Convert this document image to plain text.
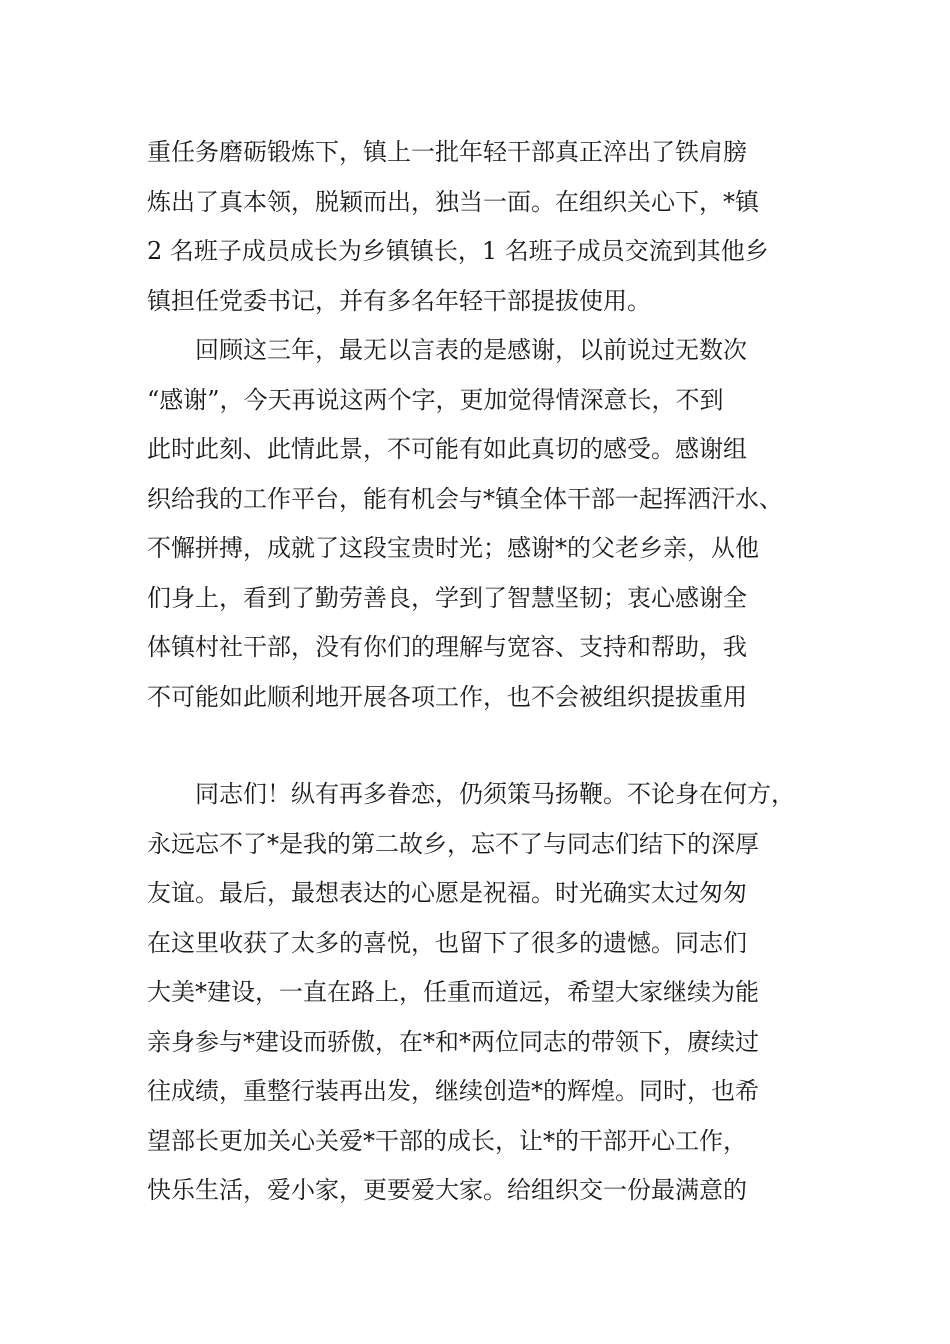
重任务磨砺锻炼下，镇上一批年轻干部真正淬出了铁肩膀
炼出了真本领，脱颖而出，独当一面。在组织关心下，*镇
2 名班子成员成长为乡镇镇长，1 名班子成员交流到其他乡
镇担任党委书记，并有多名年轻干部提拔使用。
　　回顾这三年，最无以言表的是感谢，以前说过无数次
“感谢”，今天再说这两个字，更加觉得情深意长，不到
此时此刻、此情此景，不可能有如此真切的感受。感谢组
织给我的工作平台，能有机会与*镇全体干部一起挥洒汗水、
不懈拼搏，成就了这段宝贵时光；感谢*的父老乡亲，从他
们身上，看到了勤劳善良，学到了智慧坚韧；衷心感谢全
体镇村社干部，没有你们的理解与宽容、支持和帮助，我
不可能如此顺利地开展各项工作，也不会被组织提拔重用
　　同志们！纵有再多眷恋，仍须策马扬鞭。不论身在何方，
永远忘不了*是我的第二故乡，忘不了与同志们结下的深厚
友谊。最后，最想表达的心愿是祝福。时光确实太过匆匆
在这里收获了太多的喜悦，也留下了很多的遗憾。同志们
大美*建设，一直在路上，任重而道远，希望大家继续为能
亲身参与*建设而骄傲，在*和*两位同志的带领下，赓续过
往成绩，重整行装再出发，继续创造*的辉煌。同时，也希
望部长更加关心关爱*干部的成长，让*的干部开心工作，
快乐生活，爱小家，更要爱大家。给组织交一份最满意的
